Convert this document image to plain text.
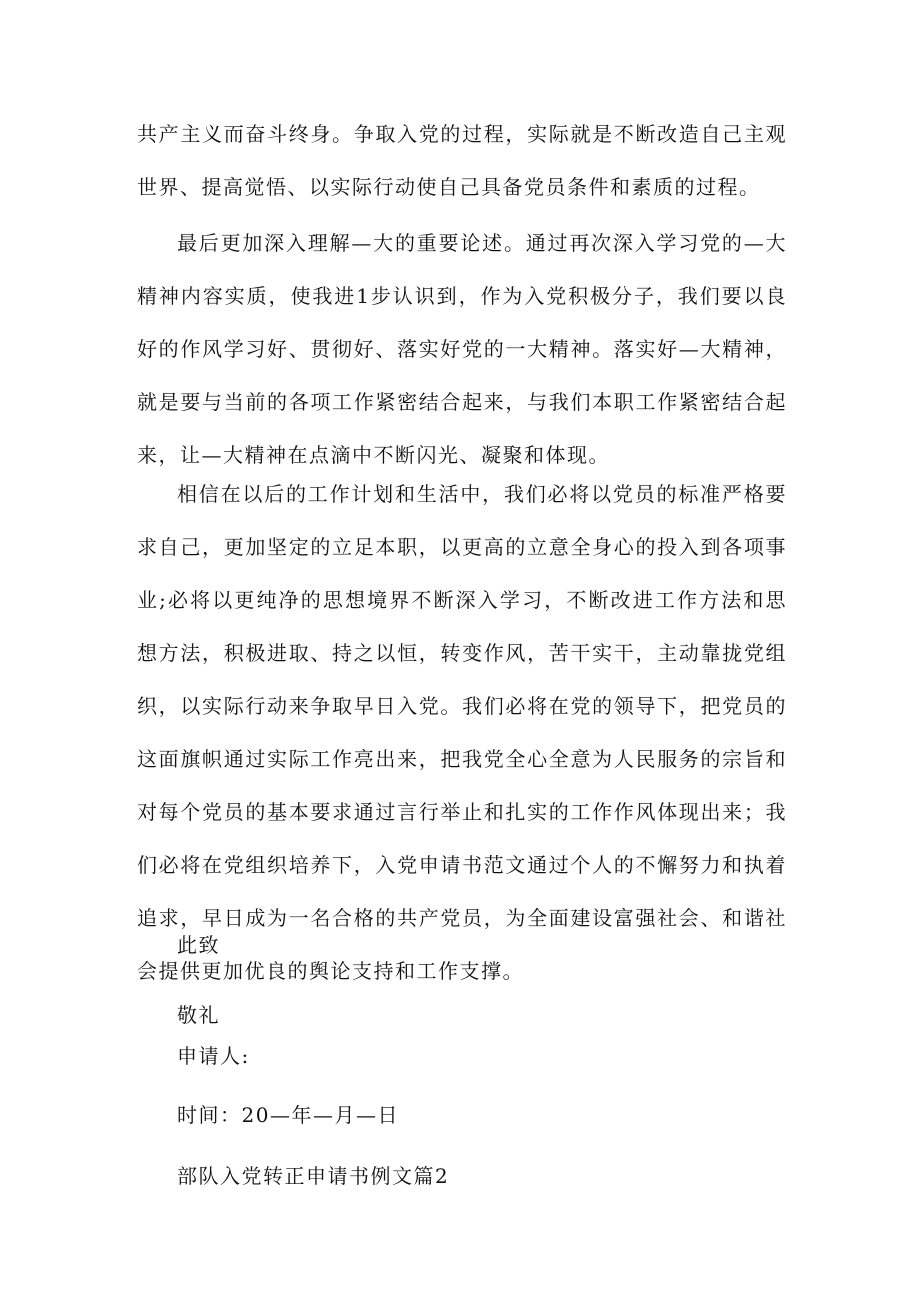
共产主义而奋斗终身。争取入党的过程，实际就是不断改造自己主观世界、提高觉悟、以实际行动使自己具备党员条件和素质的过程。

最后更加深入理解—大的重要论述。通过再次深入学习党的—大精神内容实质，使我进1步认识到，作为入党积极分子，我们要以良好的作风学习好、贯彻好、落实好党的一大精神。落实好—大精神，就是要与当前的各项工作紧密结合起来，与我们本职工作紧密结合起来，让—大精神在点滴中不断闪光、凝聚和体现。

相信在以后的工作计划和生活中，我们必将以党员的标准严格要求自己，更加坚定的立足本职，以更高的立意全身心的投入到各项事业;必将以更纯净的思想境界不断深入学习，不断改进工作方法和思想方法，积极进取、持之以恒，转变作风，苦干实干，主动靠拢党组织，以实际行动来争取早日入党。我们必将在党的领导下，把党员的这面旗帜通过实际工作亮出来，把我党全心全意为人民服务的宗旨和对每个党员的基本要求通过言行举止和扎实的工作作风体现出来；我们必将在党组织培养下，入党申请书范文通过个人的不懈努力和执着追求，早日成为一名合格的共产党员，为全面建设富强社会、和谐社会提供更加优良的舆论支持和工作支撑。

此致

敬礼

申请人:

时间：20—年—月—日

部队入党转正申请书例文篇2
